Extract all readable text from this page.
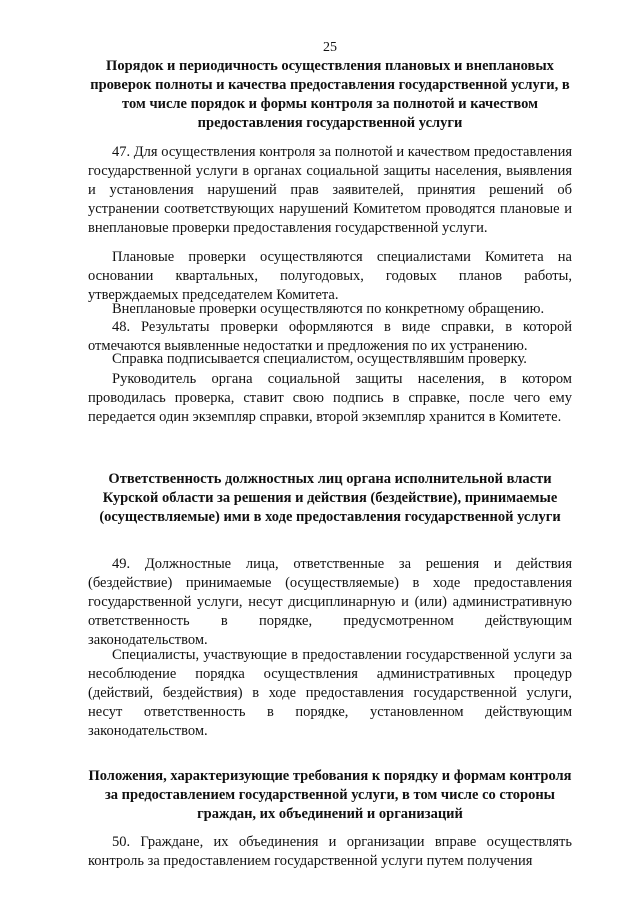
25
Порядок и периодичность осуществления плановых и внеплановых проверок полноты и качества предоставления государственной услуги, в том числе порядок и формы контроля за полнотой и качеством предоставления государственной услуги
47. Для осуществления контроля за полнотой и качеством предоставления государственной услуги в органах социальной защиты населения, выявления и установления нарушений прав заявителей, принятия решений об устранении соответствующих нарушений Комитетом проводятся плановые и внеплановые проверки предоставления государственной услуги.
Плановые проверки осуществляются специалистами Комитета на основании квартальных, полугодовых, годовых планов работы, утверждаемых председателем Комитета.
Внеплановые проверки осуществляются по конкретному обращению.
48. Результаты проверки оформляются в виде справки, в которой отмечаются выявленные недостатки и предложения по их устранению.
Справка подписывается специалистом, осуществлявшим проверку.
Руководитель органа социальной защиты населения, в котором проводилась проверка, ставит свою подпись в справке, после чего ему передается один экземпляр справки, второй экземпляр хранится в Комитете.
Ответственность должностных лиц органа исполнительной власти Курской области за решения и действия (бездействие), принимаемые (осуществляемые) ими в ходе предоставления государственной услуги
49. Должностные лица, ответственные за решения и действия (бездействие) принимаемые (осуществляемые) в ходе предоставления государственной услуги, несут дисциплинарную и (или) административную ответственность в порядке, предусмотренном действующим законодательством.
Специалисты, участвующие в предоставлении государственной услуги за несоблюдение порядка осуществления административных процедур (действий, бездействия) в ходе предоставления государственной услуги, несут ответственность в порядке, установленном действующим законодательством.
Положения, характеризующие требования к порядку и формам контроля за предоставлением государственной услуги, в том числе со стороны граждан, их объединений и организаций
50. Граждане, их объединения и организации вправе осуществлять контроль за предоставлением государственной услуги путем получения
